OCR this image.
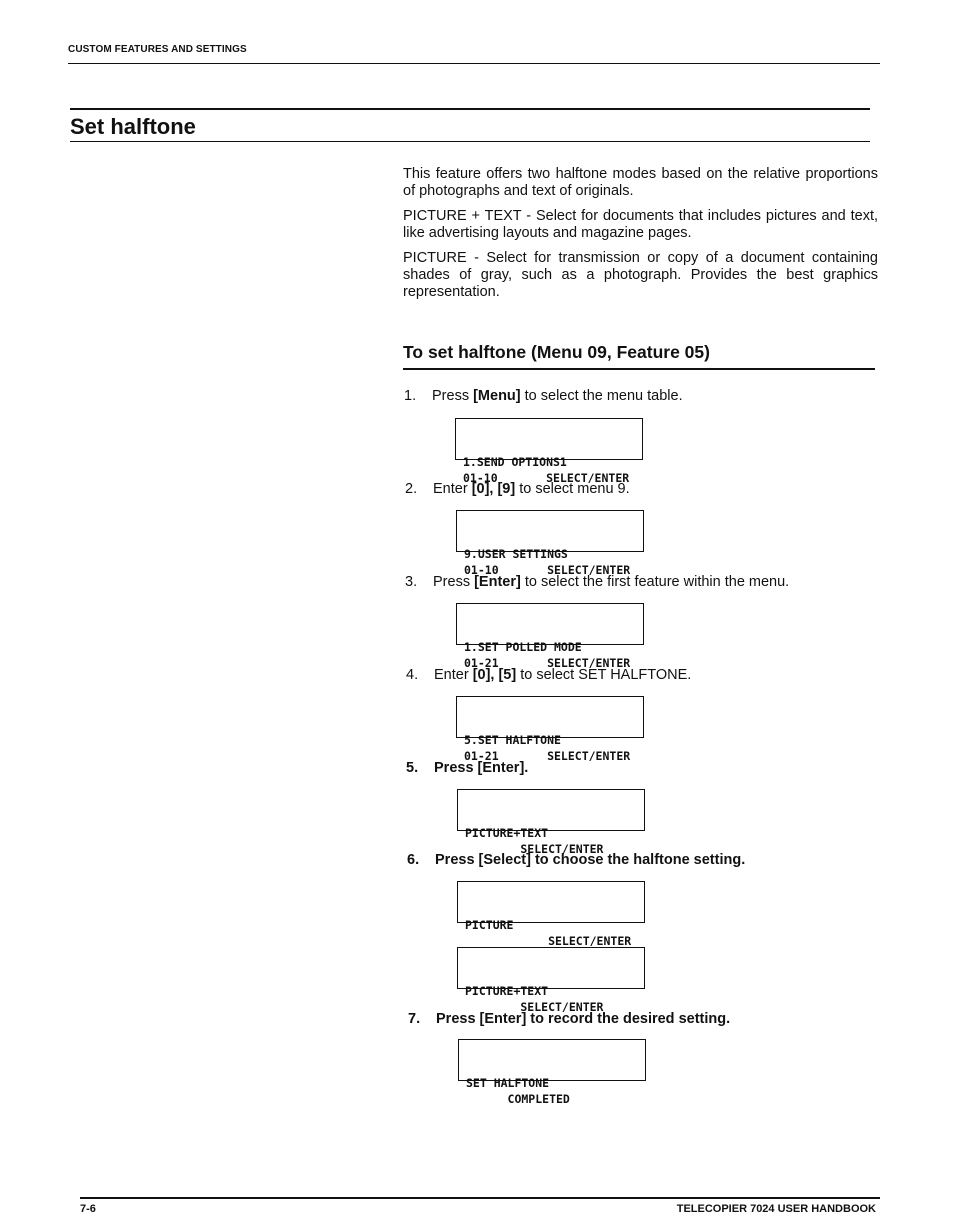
CUSTOM FEATURES AND SETTINGS
Set halftone

This feature offers two halftone modes based on the relative proportions of photographs and text of originals.

PICTURE + TEXT - Select for documents that includes pictures and text, like advertising layouts and magazine pages.

PICTURE - Select for transmission or copy of a document containing shades of gray, such as a photograph. Provides the best graphics representation.

To set halftone (Menu 09, Feature 05)
1. Press [Menu] to select the menu table.

1.SEND OPTIONS1
01-10       SELECT/ENTER

2. Enter [0], [9] to select menu 9.

9.USER SETTINGS
01-10       SELECT/ENTER

3. Press [Enter] to select the first feature within the menu.

1.SET POLLED MODE
01-21       SELECT/ENTER

4. Enter [0], [5] to select SET HALFTONE.

5.SET HALFTONE
01-21       SELECT/ENTER

5. Press [Enter].

PICTURE+TEXT
SELECT/ENTER

6. Press [Select] to choose the halftone setting.

PICTURE
SELECT/ENTER

PICTURE+TEXT
SELECT/ENTER

7. Press [Enter] to record the desired setting.

SET HALFTONE
COMPLETED

7-6	TELECOPIER 7024 USER HANDBOOK
